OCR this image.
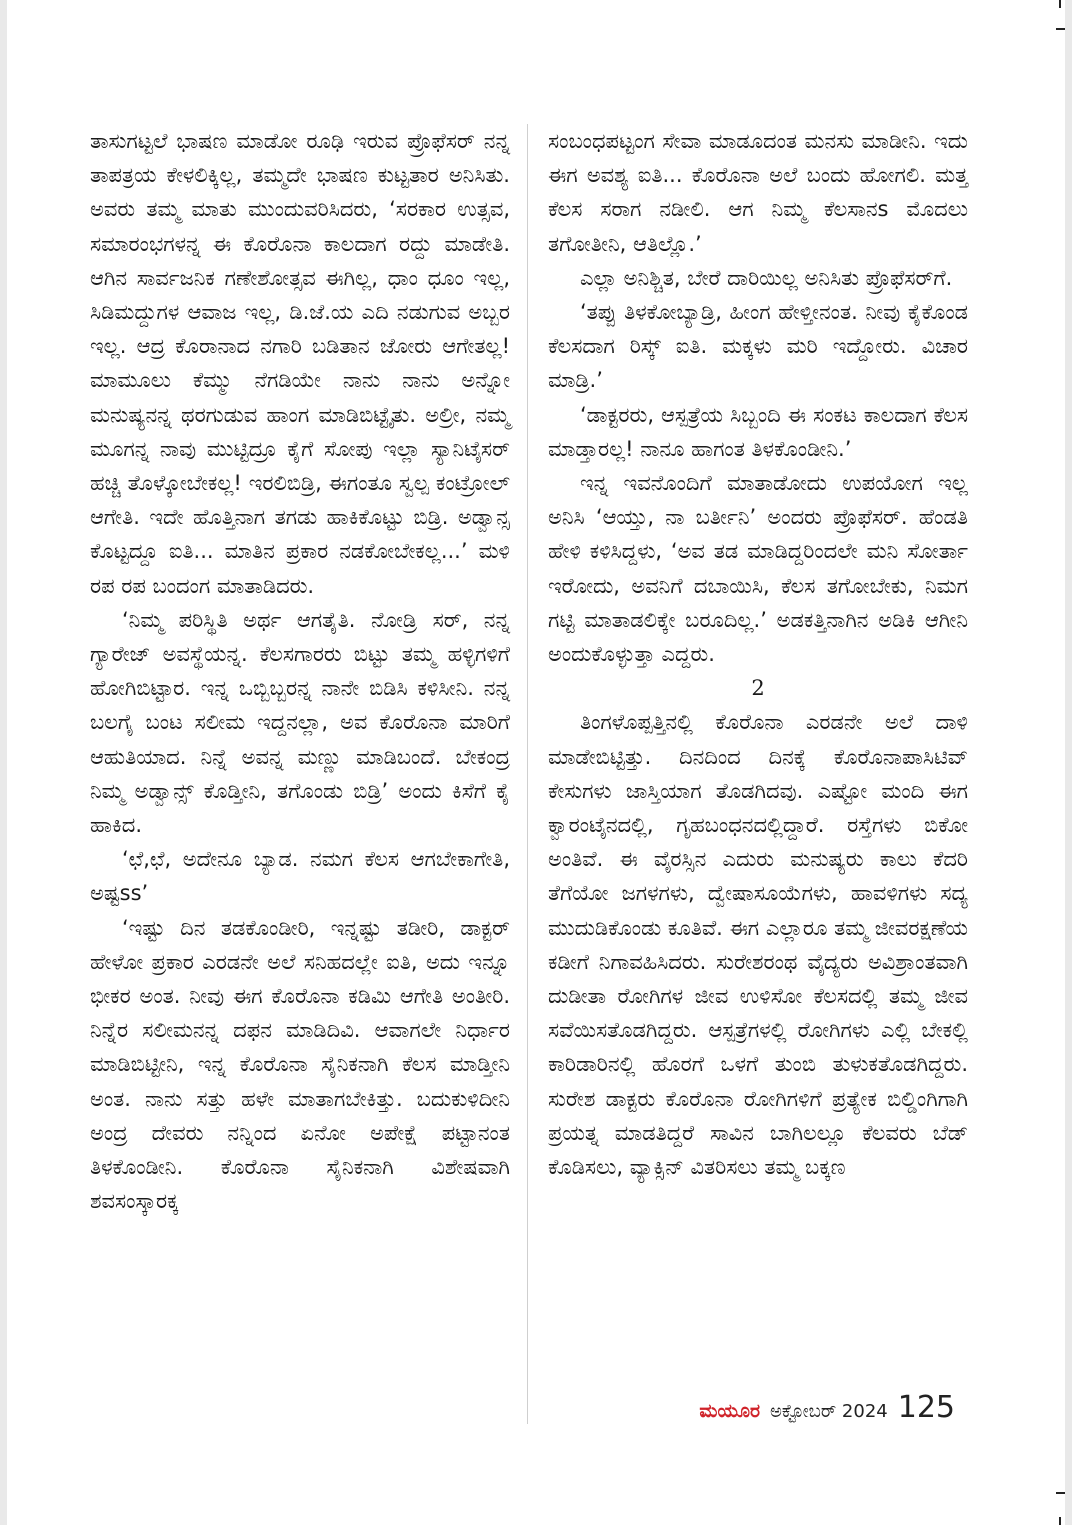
ತಾಸುಗಟ್ಟಲೆ ಭಾಷಣ ಮಾಡೋ ರೂಢಿ ಇರುವ ಪ್ರೊಫೆಸರ್ ನನ್ನ ತಾಪತ್ರಯ ಕೇಳಲಿಕ್ಕಿಲ್ಲ, ತಮ್ಮದೇ ಭಾಷಣ ಕುಟ್ಟತಾರ ಅನಿಸಿತು. ಅವರು ತಮ್ಮ ಮಾತು ಮುಂದುವರಿಸಿದರು, ‘ಸರಕಾರ ಉತ್ಸವ, ಸಮಾರಂಭಗಳನ್ನ ಈ ಕೊರೊನಾ ಕಾಲದಾಗ ರದ್ದು ಮಾಡೇತಿ. ಆಗಿನ ಸಾರ್ವಜನಿಕ ಗಣೇಶೋತ್ಸವ ಈಗಿಲ್ಲ, ಧಾಂ ಧೂಂ ಇಲ್ಲ, ಸಿಡಿಮದ್ದುಗಳ ಆವಾಜ ಇಲ್ಲ, ಡಿ.ಜೆ.ಯ ಎದಿ ನಡುಗುವ ಅಬ್ಬರ ಇಲ್ಲ. ಆದ್ರ ಕೊರಾನಾದ ನಗಾರಿ ಬಡಿತಾನ ಜೋರು ಆಗೇತಲ್ಲ! ಮಾಮೂಲು ಕೆಮ್ಮು ನೆಗಡಿಯೇ ನಾನು ನಾನು ಅನ್ನೋ ಮನುಷ್ಯನನ್ನ ಥರಗುಡುವ ಹಾಂಗ ಮಾಡಿಬಿಟ್ಟೈತು. ಅಲ್ರೀ, ನಮ್ಮ ಮೂಗನ್ನ ನಾವು ಮುಟ್ಟಿದ್ರೂ ಕೈಗೆ ಸೋಪು ಇಲ್ಲಾ ಸ್ಯಾನಿಟೈಸರ್ ಹಚ್ಚಿ ತೊಳ್ಕೋಬೇಕಲ್ಲ! ಇರಲಿಬಿಡ್ರಿ, ಈಗಂತೂ ಸ್ವಲ್ಪ ಕಂಟ್ರೋಲ್ ಆಗೇತಿ. ಇದೇ ಹೊತ್ತಿನಾಗ ತಗಡು ಹಾಕಿಕೊಟ್ಟು ಬಿಡ್ರಿ. ಅಡ್ವಾನ್ಸ ಕೊಟ್ಟದ್ದೂ ಐತಿ... ಮಾತಿನ ಪ್ರಕಾರ ನಡಕೋಬೇಕಲ್ಲ...’ ಮಳಿ ರಪ ರಪ ಬಂದಂಗ ಮಾತಾಡಿದರು.

‘ನಿಮ್ಮ ಪರಿಸ್ಥಿತಿ ಅರ್ಥ ಆಗತೈತಿ. ನೋಡ್ರಿ ಸರ್, ನನ್ನ ಗ್ಯಾರೇಜ್ ಅವಸ್ಥೆಯನ್ನ. ಕೆಲಸಗಾರರು ಬಿಟ್ಟು ತಮ್ಮ ಹಳ್ಳಿಗಳಿಗೆ ಹೋಗಿಬಿಟ್ಟಾರ. ಇನ್ನ ಒಬ್ಬಿಬ್ಬರನ್ನ ನಾನೇ ಬಿಡಿಸಿ ಕಳಿಸೀನಿ. ನನ್ನ ಬಲಗೈ ಬಂಟ ಸಲೀಮ ಇದ್ದನಲ್ಲಾ, ಅವ ಕೊರೊನಾ ಮಾರಿಗೆ ಆಹುತಿಯಾದ. ನಿನ್ನೆ ಅವನ್ನ ಮಣ್ಣು ಮಾಡಿಬಂದೆ. ಬೇಕಂದ್ರ ನಿಮ್ಮ ಅಡ್ವಾನ್ಸ್ ಕೊಡ್ತೀನಿ, ತಗೊಂಡು ಬಿಡ್ರಿ’ ಅಂದು ಕಿಸೆಗೆ ಕೈ ಹಾಕಿದ.

‘ಛೆ,ಛೆ, ಅದೇನೂ ಬ್ಯಾಡ. ನಮಗ ಕೆಲಸ ಆಗಬೇಕಾಗೇತಿ, ಅಷ್ಟss’

‘ಇಷ್ಟು ದಿನ ತಡಕೊಂಡೀರಿ, ಇನ್ನಷ್ಟು ತಡೀರಿ, ಡಾಕ್ಟರ್ ಹೇಳೋ ಪ್ರಕಾರ ಎರಡನೇ ಅಲೆ ಸನಿಹದಲ್ಲೇ ಐತಿ, ಅದು ಇನ್ನೂ ಭೀಕರ ಅಂತ. ನೀವು ಈಗ ಕೊರೊನಾ ಕಡಿಮಿ ಆಗೇತಿ ಅಂತೀರಿ. ನಿನ್ನೆರ ಸಲೀಮನನ್ನ ದಫನ ಮಾಡಿದಿವಿ. ಆವಾಗಲೇ ನಿರ್ಧಾರ ಮಾಡಿಬಿಟ್ಟೀನಿ, ಇನ್ನ ಕೊರೊನಾ ಸೈನಿಕನಾಗಿ ಕೆಲಸ ಮಾಡ್ತೀನಿ ಅಂತ. ನಾನು ಸತ್ತು ಹಳೇ ಮಾತಾಗಬೇಕಿತ್ತು. ಬದುಕುಳಿದೀನಿ ಅಂದ್ರ ದೇವರು ನನ್ನಿಂದ ಏನೋ ಅಪೇಕ್ಷೆ ಪಟ್ಟಾನಂತ ತಿಳಕೊಂಡೀನಿ. ಕೊರೊನಾ ಸೈನಿಕನಾಗಿ ವಿಶೇಷವಾಗಿ ಶವಸಂಸ್ಕಾರಕ್ಕ

ಸಂಬಂಧಪಟ್ಟಂಗ ಸೇವಾ ಮಾಡೂದಂತ ಮನಸು ಮಾಡೀನಿ. ಇದು ಈಗ ಅವಶ್ಯ ಐತಿ... ಕೊರೊನಾ ಅಲೆ ಬಂದು ಹೋಗಲಿ. ಮತ್ತ ಕೆಲಸ ಸರಾಗ ನಡೀಲಿ. ಆಗ ನಿಮ್ಮ ಕೆಲಸಾನs ಮೊದಲು ತಗೋತೀನಿ, ಆತಿಲ್ಲೊ.’

ಎಲ್ಲಾ ಅನಿಶ್ಚಿತ, ಬೇರೆ ದಾರಿಯಿಲ್ಲ ಅನಿಸಿತು ಪ್ರೊಫೆಸರ್‌ಗೆ.

‘ತಪ್ಪು ತಿಳಕೋಬ್ಯಾಡ್ರಿ, ಹೀಂಗ ಹೇಳ್ತೀನಂತ. ನೀವು ಕೈಕೊಂಡ ಕೆಲಸದಾಗ ರಿಸ್ಕ್ ಐತಿ. ಮಕ್ಕಳು ಮರಿ ಇದ್ದೋರು. ವಿಚಾರ ಮಾಡ್ರಿ.’

‘ಡಾಕ್ಟರರು, ಆಸ್ಪತ್ರೆಯ ಸಿಬ್ಬಂದಿ ಈ ಸಂಕಟ ಕಾಲದಾಗ ಕೆಲಸ ಮಾಡ್ತಾರಲ್ಲ! ನಾನೂ ಹಾಗಂತ ತಿಳಕೊಂಡೀನಿ.’

ಇನ್ನ ಇವನೊಂದಿಗೆ ಮಾತಾಡೋದು ಉಪಯೋಗ ಇಲ್ಲ ಅನಿಸಿ ‘ಆಯ್ತು, ನಾ ಬರ್ತೀನಿ’ ಅಂದರು ಪ್ರೊಫೆಸರ್. ಹೆಂಡತಿ ಹೇಳಿ ಕಳಿಸಿದ್ದಳು, ‘ಅವ ತಡ ಮಾಡಿದ್ದರಿಂದಲೇ ಮನಿ ಸೋರ್ತಾ ಇರೋದು, ಅವನಿಗೆ ದಬಾಯಿಸಿ, ಕೆಲಸ ತಗೋಬೇಕು, ನಿಮಗ ಗಟ್ಟಿ ಮಾತಾಡಲಿಕ್ಕೇ ಬರೂದಿಲ್ಲ.’ ಅಡಕತ್ತಿನಾಗಿನ ಅಡಿಕಿ ಆಗೀನಿ ಅಂದುಕೊಳ್ಳುತ್ತಾ ಎದ್ದರು.

2

ತಿಂಗಳೊಪ್ಪತ್ತಿನಲ್ಲಿ ಕೊರೊನಾ ಎರಡನೇ ಅಲೆ ದಾಳಿ ಮಾಡೇಬಿಟ್ಟಿತ್ತು. ದಿನದಿಂದ ದಿನಕ್ಕೆ ಕೊರೊನಾಪಾಸಿಟಿವ್ ಕೇಸುಗಳು ಜಾಸ್ತಿಯಾಗ ತೊಡಗಿದವು. ಎಷ್ಟೋ ಮಂದಿ ಈಗ ಕ್ವಾರಂಟೈನದಲ್ಲಿ, ಗೃಹಬಂಧನದಲ್ಲಿದ್ದಾರೆ. ರಸ್ತೆಗಳು ಬಿಕೋ ಅಂತಿವೆ. ಈ ವೈರಸ್ಸಿನ ಎದುರು ಮನುಷ್ಯರು ಕಾಲು ಕೆದರಿ ತೆಗೆಯೋ ಜಗಳಗಳು, ದ್ವೇಷಾಸೂಯೆಗಳು, ಹಾವಳಿಗಳು ಸದ್ಯ ಮುದುಡಿಕೊಂಡು ಕೂತಿವೆ. ಈಗ ಎಲ್ಲಾರೂ ತಮ್ಮ ಜೀವರಕ್ಷಣೆಯ ಕಡೀಗೆ ನಿಗಾವಹಿಸಿದರು. ಸುರೇಶರಂಥ ವೈದ್ಯರು ಅವಿಶ್ರಾಂತವಾಗಿ ದುಡೀತಾ ರೋಗಿಗಳ ಜೀವ ಉಳಿಸೋ ಕೆಲಸದಲ್ಲಿ ತಮ್ಮ ಜೀವ ಸವೆಯಿಸತೊಡಗಿದ್ದರು. ಆಸ್ಪತ್ರೆಗಳಲ್ಲಿ ರೋಗಿಗಳು ಎಲ್ಲಿ ಬೇಕಲ್ಲಿ ಕಾರಿಡಾರಿನಲ್ಲಿ ಹೊರಗೆ ಒಳಗೆ ತುಂಬಿ ತುಳುಕತೊಡಗಿದ್ದರು. ಸುರೇಶ ಡಾಕ್ಟರು ಕೊರೊನಾ ರೋಗಿಗಳಿಗೆ ಪ್ರತ್ಯೇಕ ಬಿಲ್ಡಿಂಗಿಗಾಗಿ ಪ್ರಯತ್ನ ಮಾಡತಿದ್ದರೆ ಸಾವಿನ ಬಾಗಿಲಲ್ಲೂ ಕೆಲವರು ಬೆಡ್ ಕೊಡಿಸಲು, ವ್ಯಾಕ್ಸಿನ್ ವಿತರಿಸಲು ತಮ್ಮ ಬಕ್ಕಣ

ಮಯೂರ ಅಕ್ಟೋಬರ್ 2024 125
